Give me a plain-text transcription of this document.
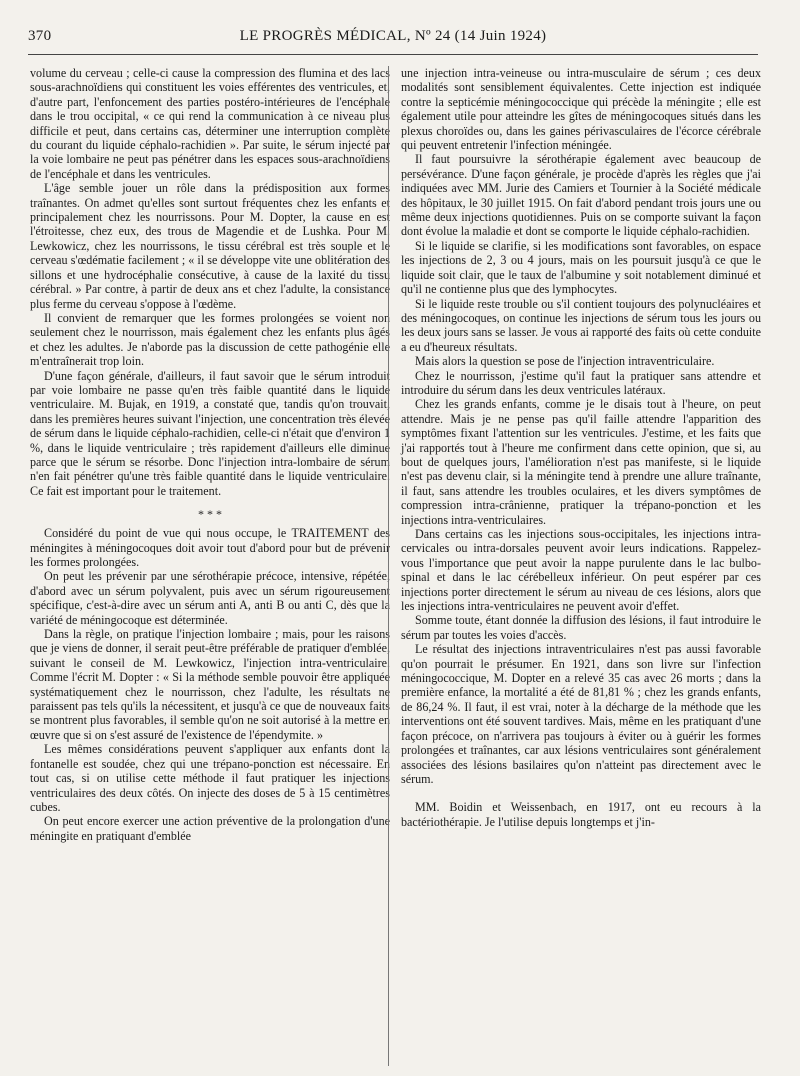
370	LE PROGRÈS MÉDICAL, Nº 24 (14 Juin 1924)

volume du cerveau ; celle-ci cause la compression des flumina et des lacs sous-arachnoïdiens qui constituent les voies efférentes des ventricules, et, d'autre part, l'enfoncement des parties postéro-intérieures de l'encéphale dans le trou occipital, « ce qui rend la communication à ce niveau plus difficile et peut, dans certains cas, déterminer une interruption complète du courant du liquide céphalo-rachidien ». Par suite, le sérum injecté par la voie lombaire ne peut pas pénétrer dans les espaces sous-arachnoïdiens de l'encéphale et dans les ventricules.

L'âge semble jouer un rôle dans la prédisposition aux formes traînantes. On admet qu'elles sont surtout fréquentes chez les enfants et principalement chez les nourrissons. Pour M. Dopter, la cause en est l'étroitesse, chez eux, des trous de Magendie et de Lushka. Pour M. Lewkowicz, chez les nourrissons, le tissu cérébral est très souple et le cerveau s'œdématie facilement ; « il se développe vite une oblitération des sillons et une hydrocéphalie consécutive, à cause de la laxité du tissu cérébral. » Par contre, à partir de deux ans et chez l'adulte, la consistance plus ferme du cerveau s'oppose à l'œdème.

Il convient de remarquer que les formes prolongées se voient non seulement chez le nourrisson, mais également chez les enfants plus âgés et chez les adultes. Je n'aborde pas la discussion de cette pathogénie elle m'entraînerait trop loin.

D'une façon générale, d'ailleurs, il faut savoir que le sérum introduit par voie lombaire ne passe qu'en très faible quantité dans le liquide ventriculaire. M. Bujak, en 1919, a constaté que, tandis qu'on trouvait, dans les premières heures suivant l'injection, une concentration très élevée de sérum dans le liquide céphalo-rachidien, celle-ci n'était que d'environ 1 %, dans le liquide ventriculaire ; très rapidement d'ailleurs elle diminue parce que le sérum se résorbe. Donc l'injection intra-lombaire de sérum n'en fait pénétrer qu'une très faible quantité dans le liquide ventriculaire. Ce fait est important pour le traitement.

* * *

Considéré du point de vue qui nous occupe, le TRAITEMENT des méningites à méningocoques doit avoir tout d'abord pour but de prévenir les formes prolongées.

On peut les prévenir par une sérothérapie précoce, intensive, répétée, d'abord avec un sérum polyvalent, puis avec un sérum rigoureusement spécifique, c'est-à-dire avec un sérum anti A, anti B ou anti C, dès que la variété de méningocoque est déterminée.

Dans la règle, on pratique l'injection lombaire ; mais, pour les raisons que je viens de donner, il serait peut-être préférable de pratiquer d'emblée, suivant le conseil de M. Lewkowicz, l'injection intra-ventriculaire. Comme l'écrit M. Dopter : « Si la méthode semble pouvoir être appliquée systématiquement chez le nourrisson, chez l'adulte, les résultats ne paraissent pas tels qu'ils la nécessitent, et jusqu'à ce que de nouveaux faits se montrent plus favorables, il semble qu'on ne soit autorisé à la mettre en œuvre que si on s'est assuré de l'existence de l'épendymite. »

Les mêmes considérations peuvent s'appliquer aux enfants dont la fontanelle est soudée, chez qui une trépano-ponction est nécessaire. En tout cas, si on utilise cette méthode il faut pratiquer les injections ventriculaires des deux côtés. On injecte des doses de 5 à 15 centimètres cubes.

On peut encore exercer une action préventive de la prolongation d'une méningite en pratiquant d'emblée

une injection intra-veineuse ou intra-musculaire de sérum ; ces deux modalités sont sensiblement équivalentes. Cette injection est indiquée contre la septicémie méningococcique qui précède la méningite ; elle est également utile pour atteindre les gîtes de méningocoques situés dans les plexus choroïdes ou, dans les gaines périvasculaires de l'écorce cérébrale qui peuvent entretenir l'infection méningée.

Il faut poursuivre la sérothérapie également avec beaucoup de persévérance. D'une façon générale, je procède d'après les règles que j'ai indiquées avec MM. Jurie des Camiers et Tournier à la Société médicale des hôpitaux, le 30 juillet 1915. On fait d'abord pendant trois jours une ou même deux injections quotidiennes. Puis on se comporte suivant la façon dont évolue la maladie et dont se comporte le liquide céphalo-rachidien.

Si le liquide se clarifie, si les modifications sont favorables, on espace les injections de 2, 3 ou 4 jours, mais on les poursuit jusqu'à ce que le liquide soit clair, que le taux de l'albumine y soit notablement diminué et qu'il ne contienne plus que des lymphocytes.

Si le liquide reste trouble ou s'il contient toujours des polynucléaires et des méningocoques, on continue les injections de sérum tous les jours ou les deux jours sans se lasser. Je vous ai rapporté des faits où cette conduite a eu d'heureux résultats.

Mais alors la question se pose de l'injection intraventriculaire.

Chez le nourrisson, j'estime qu'il faut la pratiquer sans attendre et introduire du sérum dans les deux ventricules latéraux.

Chez les grands enfants, comme je le disais tout à l'heure, on peut attendre. Mais je ne pense pas qu'il faille attendre l'apparition des symptômes fixant l'attention sur les ventricules. J'estime, et les faits que j'ai rapportés tout à l'heure me confirment dans cette opinion, que si, au bout de quelques jours, l'amélioration n'est pas manifeste, si le liquide n'est pas devenu clair, si la méningite tend à prendre une allure traînante, il faut, sans attendre les troubles oculaires, et les divers symptômes de compression intra-crânienne, pratiquer la trépano-ponction et les injections intra-ventriculaires.

Dans certains cas les injections sous-occipitales, les injections intra-cervicales ou intra-dorsales peuvent avoir leurs indications. Rappelez-vous l'importance que peut avoir la nappe purulente dans le lac bulbo-spinal et dans le lac cérébelleux inférieur. On peut espérer par ces injections porter directement le sérum au niveau de ces lésions, alors que les injections intra-ventriculaires ne peuvent avoir d'effet.

Somme toute, étant donnée la diffusion des lésions, il faut introduire le sérum par toutes les voies d'accès.

Le résultat des injections intraventriculaires n'est pas aussi favorable qu'on pourrait le présumer. En 1921, dans son livre sur l'infection méningococcique, M. Dopter en a relevé 35 cas avec 26 morts ; dans la première enfance, la mortalité a été de 81,81 % ; chez les grands enfants, de 86,24 %. Il faut, il est vrai, noter à la décharge de la méthode que les interventions ont été souvent tardives. Mais, même en les pratiquant d'une façon précoce, on n'arrivera pas toujours à éviter ou à guérir les formes prolongées et traînantes, car aux lésions ventriculaires sont généralement associées des lésions basilaires qu'on n'atteint pas directement avec le sérum.

MM. Boidin et Weissenbach, en 1917, ont eu recours à la bactériothérapie. Je l'utilise depuis longtemps et j'in-
